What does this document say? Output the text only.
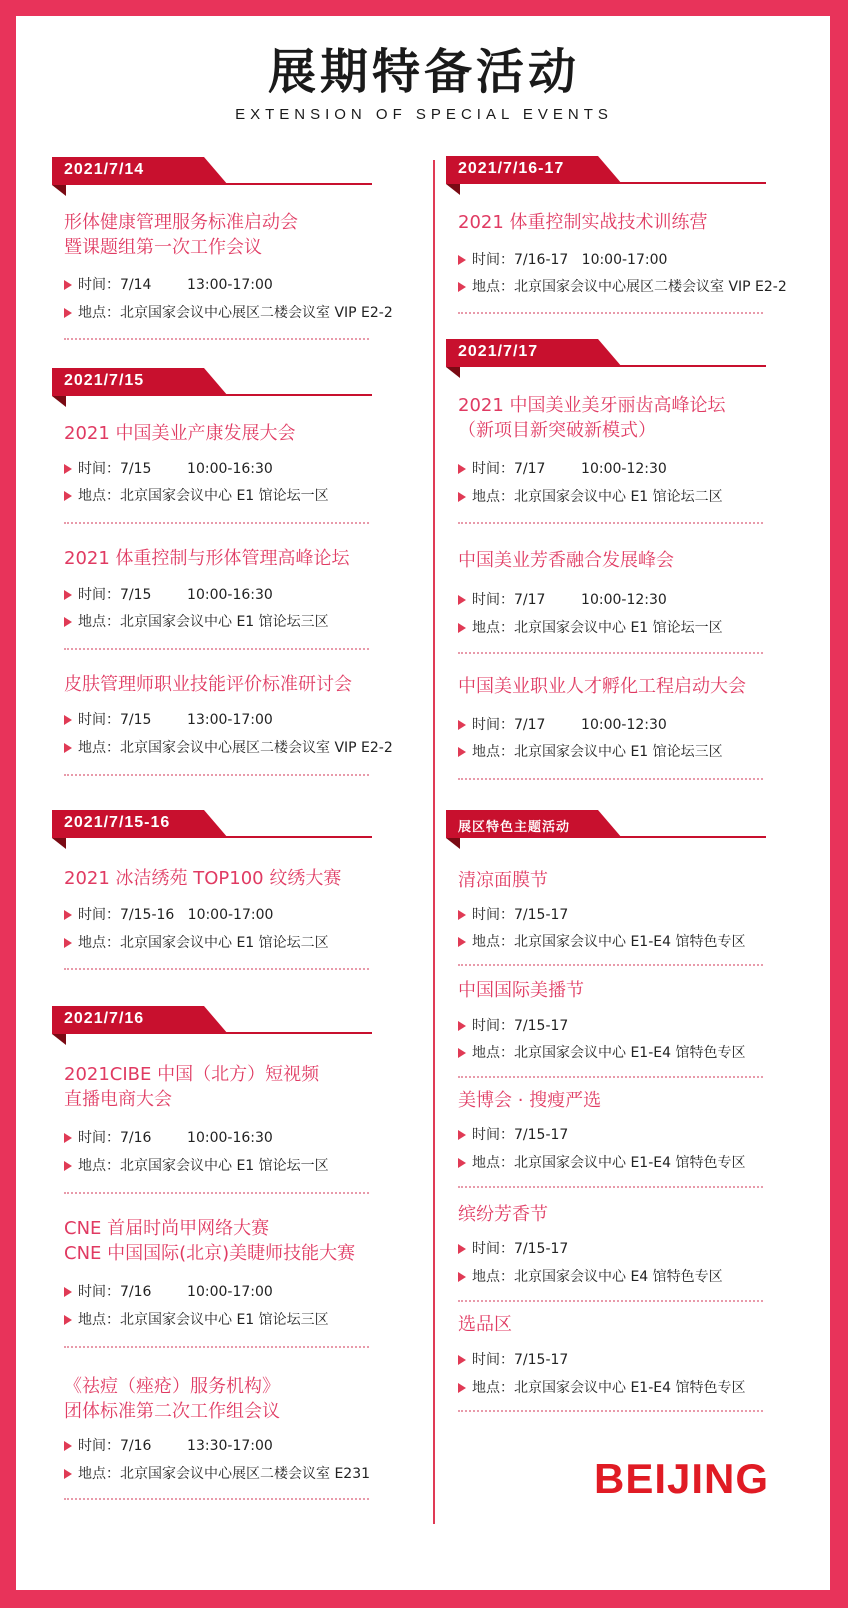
展期特备活动
EXTENSION OF SPECIAL EVENTS
2021/7/14
形体健康管理服务标准启动会
暨课题组第一次工作会议
时间：7/14        13:00-17:00
地点：北京国家会议中心展区二楼会议室 VIP E2-2
2021/7/15
2021 中国美业产康发展大会
时间：7/15        10:00-16:30
地点：北京国家会议中心 E1 馆论坛一区
2021 体重控制与形体管理高峰论坛
时间：7/15        10:00-16:30
地点：北京国家会议中心 E1 馆论坛三区
皮肤管理师职业技能评价标准研讨会
时间：7/15        13:00-17:00
地点：北京国家会议中心展区二楼会议室 VIP E2-2
2021/7/15-16
2021 冰洁绣苑 TOP100 纹绣大赛
时间：7/15-16   10:00-17:00
地点：北京国家会议中心 E1 馆论坛二区
2021/7/16
2021CIBE 中国（北方）短视频
直播电商大会
时间：7/16        10:00-16:30
地点：北京国家会议中心 E1 馆论坛一区
CNE 首届时尚甲网络大赛
CNE 中国国际(北京)美睫师技能大赛
时间：7/16        10:00-17:00
地点：北京国家会议中心 E1 馆论坛三区
《祛痘（痤疮）服务机构》
团体标准第二次工作组会议
时间：7/16        13:30-17:00
地点：北京国家会议中心展区二楼会议室 E231
2021/7/16-17
2021 体重控制实战技术训练营
时间：7/16-17   10:00-17:00
地点：北京国家会议中心展区二楼会议室 VIP E2-2
2021/7/17
2021 中国美业美牙丽齿高峰论坛
（新项目新突破新模式）
时间：7/17        10:00-12:30
地点：北京国家会议中心 E1 馆论坛二区
中国美业芳香融合发展峰会
时间：7/17        10:00-12:30
地点：北京国家会议中心 E1 馆论坛一区
中国美业职业人才孵化工程启动大会
时间：7/17        10:00-12:30
地点：北京国家会议中心 E1 馆论坛三区
展区特色主题活动
清凉面膜节
时间：7/15-17
地点：北京国家会议中心 E1-E4 馆特色专区
中国国际美播节
时间：7/15-17
地点：北京国家会议中心 E1-E4 馆特色专区
美博会 · 搜瘦严选
时间：7/15-17
地点：北京国家会议中心 E1-E4 馆特色专区
缤纷芳香节
时间：7/15-17
地点：北京国家会议中心 E4 馆特色专区
选品区
时间：7/15-17
地点：北京国家会议中心 E1-E4 馆特色专区
BEIJING
